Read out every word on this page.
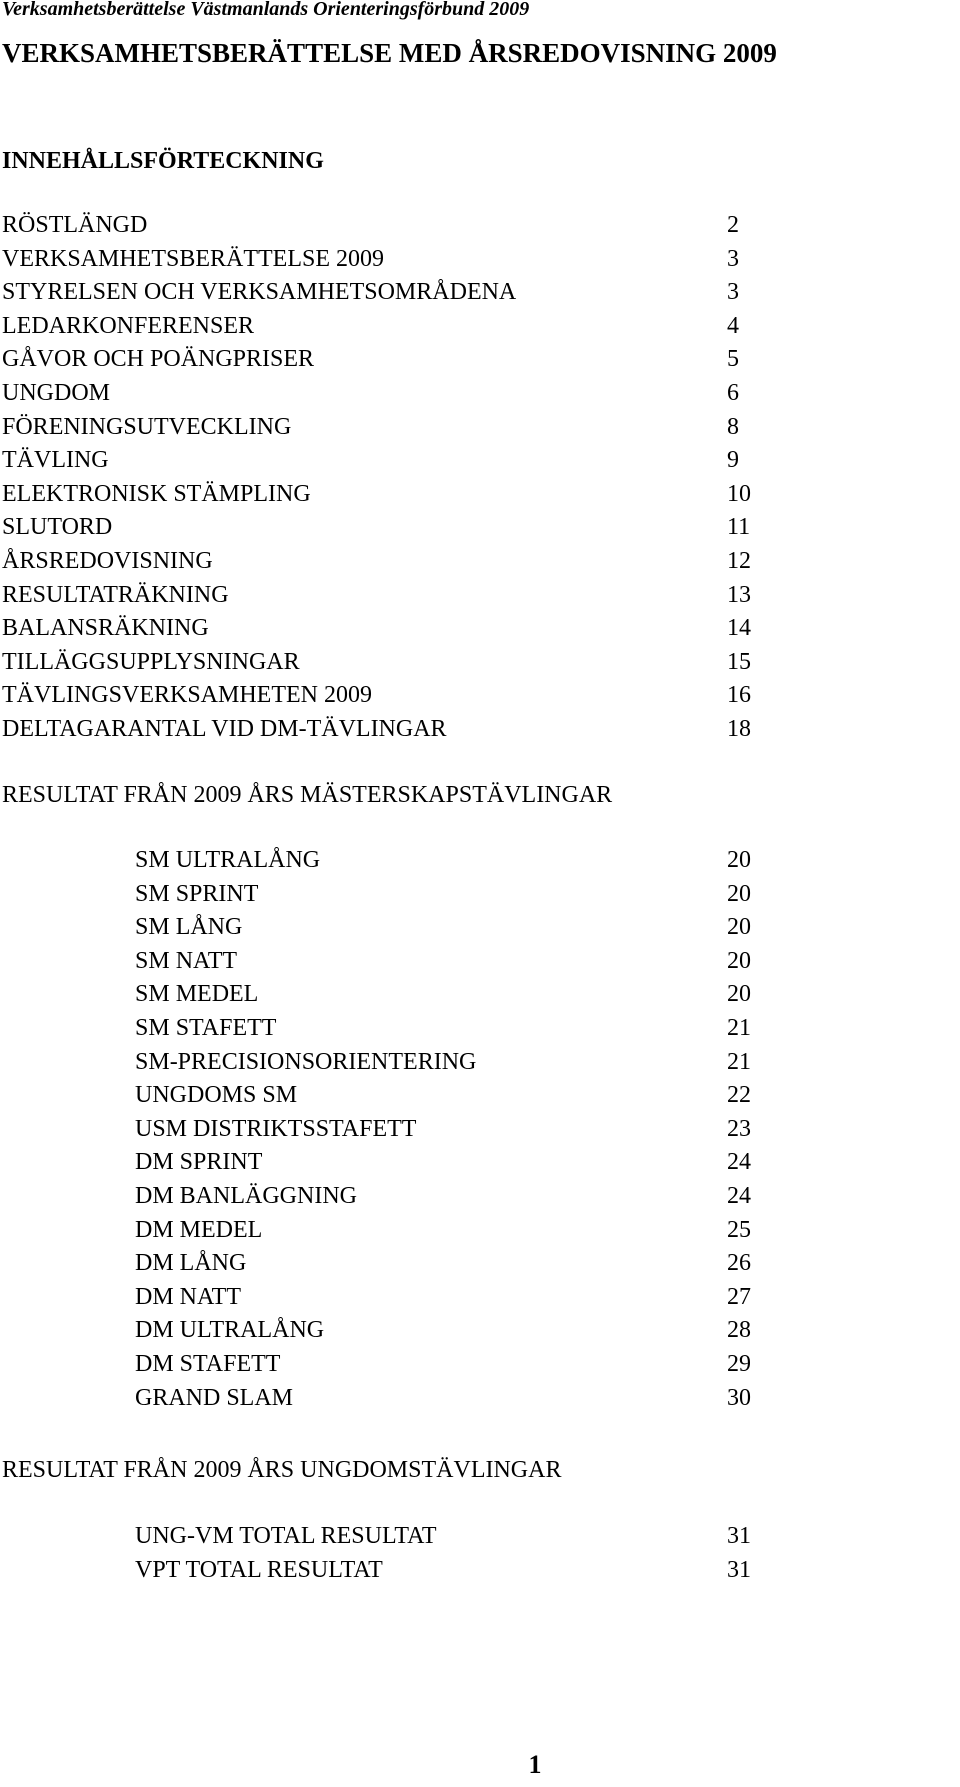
Verksamhetsberättelse Västmanlands Orienteringsförbund 2009
VERKSAMHETSBERÄTTELSE MED ÅRSREDOVISNING 2009
INNEHÅLLSFÖRTECKNING
RÖSTLÄNGD	2
VERKSAMHETSBERÄTTELSE 2009	3
STYRELSEN OCH VERKSAMHETSOMRÅDENA	3
LEDARKONFERENSER	4
GÅVOR OCH POÄNGPRISER	5
UNGDOM	6
FÖRENINGSUTVECKLING	8
TÄVLING	9
ELEKTRONISK STÄMPLING	10
SLUTORD	11
ÅRSREDOVISNING	12
RESULTATRÄKNING	13
BALANSRÄKNING	14
TILLÄGGSUPPLYSNINGAR	15
TÄVLINGSVERKSAMHETEN 2009	16
DELTAGARANTAL VID DM-TÄVLINGAR	18
RESULTAT FRÅN 2009 ÅRS MÄSTERSKAPSTÄVLINGAR
SM ULTRALÅNG	20
SM SPRINT	20
SM LÅNG	20
SM NATT	20
SM MEDEL	20
SM STAFETT	21
SM-PRECISIONSORIENTERING	21
UNGDOMS SM	22
USM DISTRIKTSSTAFETT	23
DM SPRINT	24
DM BANLÄGGNING	24
DM MEDEL	25
DM LÅNG	26
DM NATT	27
DM ULTRALÅNG	28
DM STAFETT	29
GRAND SLAM	30
RESULTAT FRÅN 2009 ÅRS UNGDOMSTÄVLINGAR
UNG-VM TOTAL RESULTAT	31
VPT TOTAL RESULTAT	31
1
